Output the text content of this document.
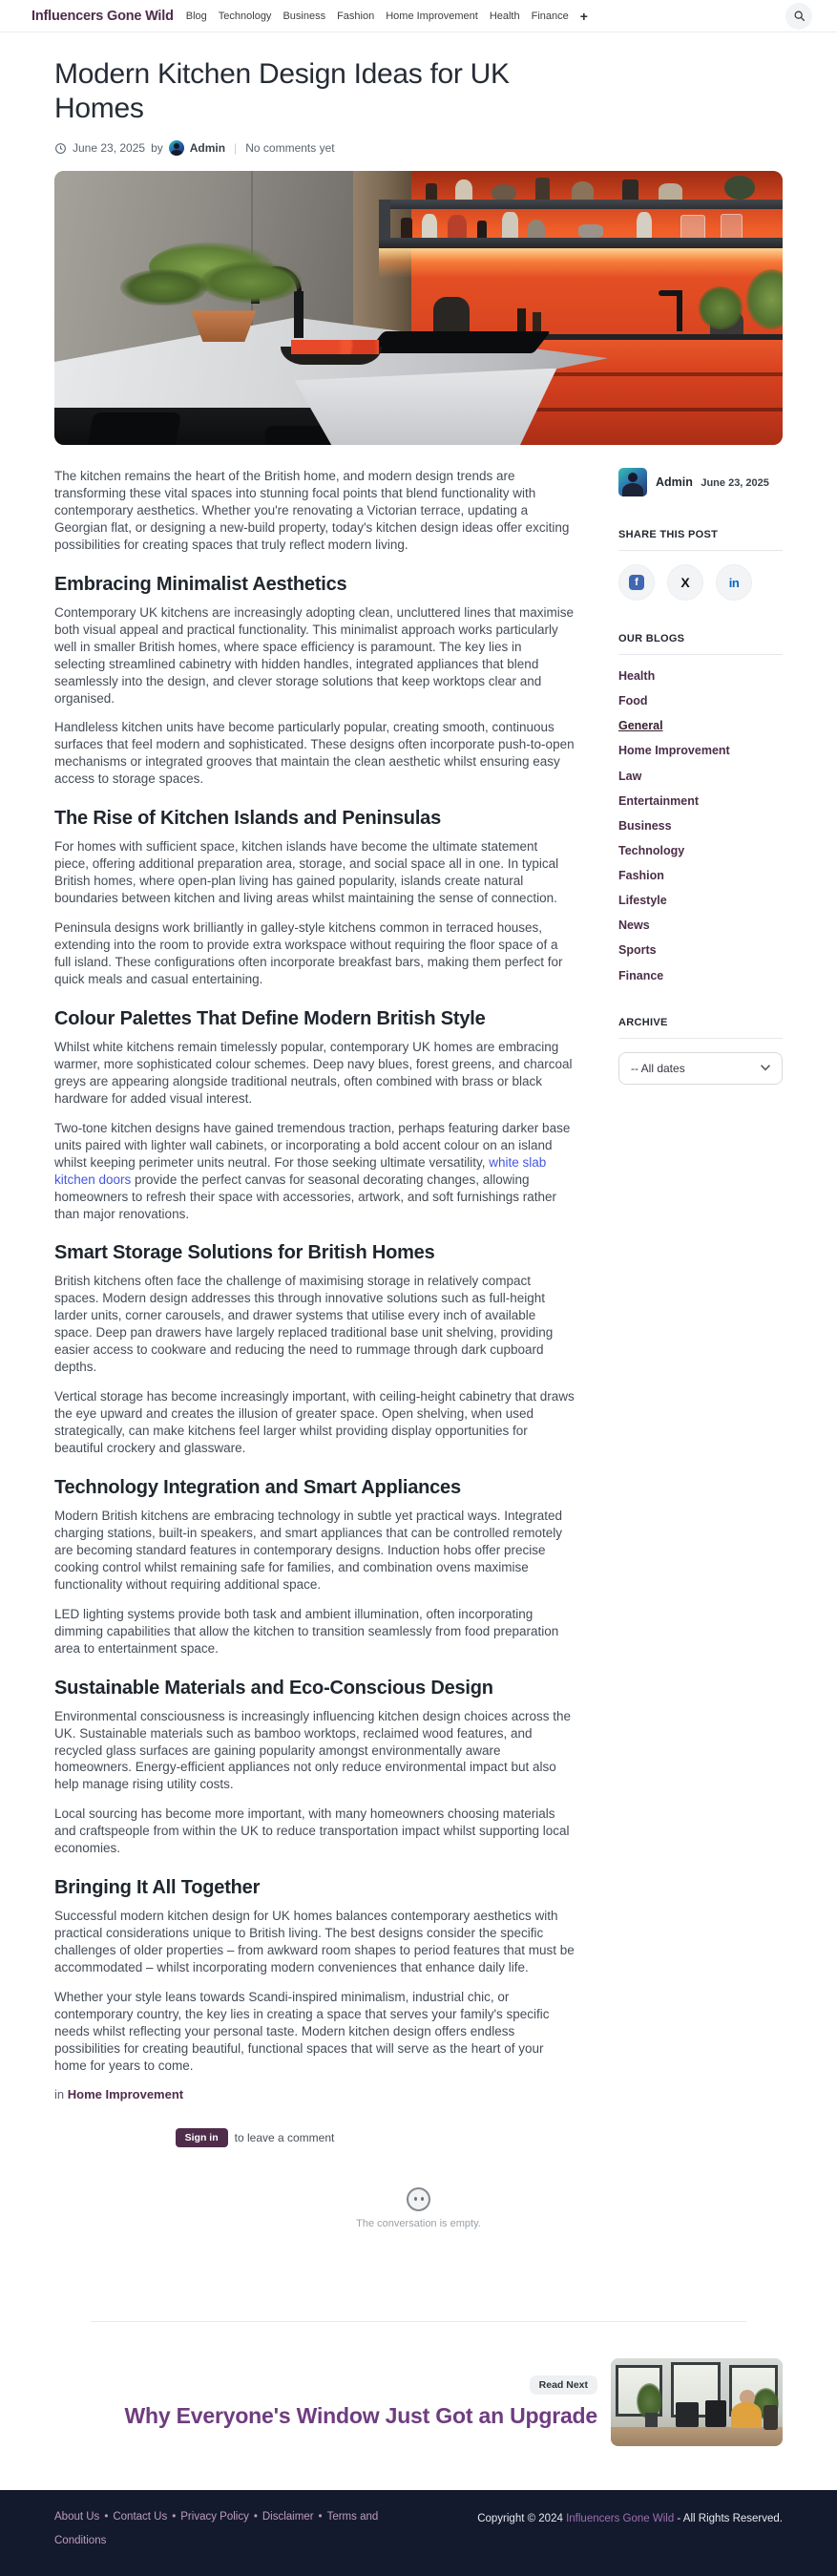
Influencers Gone Wild Blog Technology Business Fashion Home Improvement Health Finance +
Modern Kitchen Design Ideas for UK Homes
June 23, 2025 by Admin | No comments yet

The kitchen remains the heart of the British home, and modern design trends are transforming these vital spaces into stunning focal points that blend functionality with contemporary aesthetics. Whether you're renovating a Victorian terrace, updating a Georgian flat, or designing a new-build property, today's kitchen design ideas offer exciting possibilities for creating spaces that truly reflect modern living.

Embracing Minimalist Aesthetics

Contemporary UK kitchens are increasingly adopting clean, uncluttered lines that maximise both visual appeal and practical functionality. This minimalist approach works particularly well in smaller British homes, where space efficiency is paramount. The key lies in selecting streamlined cabinetry with hidden handles, integrated appliances that blend seamlessly into the design, and clever storage solutions that keep worktops clear and organised.

Handleless kitchen units have become particularly popular, creating smooth, continuous surfaces that feel modern and sophisticated. These designs often incorporate push-to-open mechanisms or integrated grooves that maintain the clean aesthetic whilst ensuring easy access to storage spaces.

The Rise of Kitchen Islands and Peninsulas

For homes with sufficient space, kitchen islands have become the ultimate statement piece, offering additional preparation area, storage, and social space all in one. In typical British homes, where open-plan living has gained popularity, islands create natural boundaries between kitchen and living areas whilst maintaining the sense of connection.

Peninsula designs work brilliantly in galley-style kitchens common in terraced houses, extending into the room to provide extra workspace without requiring the floor space of a full island. These configurations often incorporate breakfast bars, making them perfect for quick meals and casual entertaining.

Colour Palettes That Define Modern British Style

Whilst white kitchens remain timelessly popular, contemporary UK homes are embracing warmer, more sophisticated colour schemes. Deep navy blues, forest greens, and charcoal greys are appearing alongside traditional neutrals, often combined with brass or black hardware for added visual interest.

Two-tone kitchen designs have gained tremendous traction, perhaps featuring darker base units paired with lighter wall cabinets, or incorporating a bold accent colour on an island whilst keeping perimeter units neutral. For those seeking ultimate versatility, white slab kitchen doors provide the perfect canvas for seasonal decorating changes, allowing homeowners to refresh their space with accessories, artwork, and soft furnishings rather than major renovations.

Smart Storage Solutions for British Homes

British kitchens often face the challenge of maximising storage in relatively compact spaces. Modern design addresses this through innovative solutions such as full-height larder units, corner carousels, and drawer systems that utilise every inch of available space. Deep pan drawers have largely replaced traditional base unit shelving, providing easier access to cookware and reducing the need to rummage through dark cupboard depths.

Vertical storage has become increasingly important, with ceiling-height cabinetry that draws the eye upward and creates the illusion of greater space. Open shelving, when used strategically, can make kitchens feel larger whilst providing display opportunities for beautiful crockery and glassware.

Technology Integration and Smart Appliances

Modern British kitchens are embracing technology in subtle yet practical ways. Integrated charging stations, built-in speakers, and smart appliances that can be controlled remotely are becoming standard features in contemporary designs. Induction hobs offer precise cooking control whilst remaining safe for families, and combination ovens maximise functionality without requiring additional space.

LED lighting systems provide both task and ambient illumination, often incorporating dimming capabilities that allow the kitchen to transition seamlessly from food preparation area to entertainment space.

Sustainable Materials and Eco-Conscious Design

Environmental consciousness is increasingly influencing kitchen design choices across the UK. Sustainable materials such as bamboo worktops, reclaimed wood features, and recycled glass surfaces are gaining popularity amongst environmentally aware homeowners. Energy-efficient appliances not only reduce environmental impact but also help manage rising utility costs.

Local sourcing has become more important, with many homeowners choosing materials and craftspeople from within the UK to reduce transportation impact whilst supporting local economies.

Bringing It All Together

Successful modern kitchen design for UK homes balances contemporary aesthetics with practical considerations unique to British living. The best designs consider the specific challenges of older properties – from awkward room shapes to period features that must be accommodated – whilst incorporating modern conveniences that enhance daily life.

Whether your style leans towards Scandi-inspired minimalism, industrial chic, or contemporary country, the key lies in creating a space that serves your family's specific needs whilst reflecting your personal taste. Modern kitchen design offers endless possibilities for creating beautiful, functional spaces that will serve as the heart of your home for years to come.

in Home Improvement
Sign in	to leave a comment
Admin June 23, 2025
SHARE THIS POST
f	X	in
OUR BLOGS
Health
Food
General
Home Improvement
Law
Entertainment
Business
Technology
Fashion
Lifestyle
News
Sports
Finance
ARCHIVE
-- All dates
The conversation is empty.
Read Next
Why Everyone's Window Just Got an Upgrade
About Us • Contact Us • Privacy Policy • Disclaimer • Terms and Conditions
Copyright © 2024 Influencers Gone Wild - All Rights Reserved.
